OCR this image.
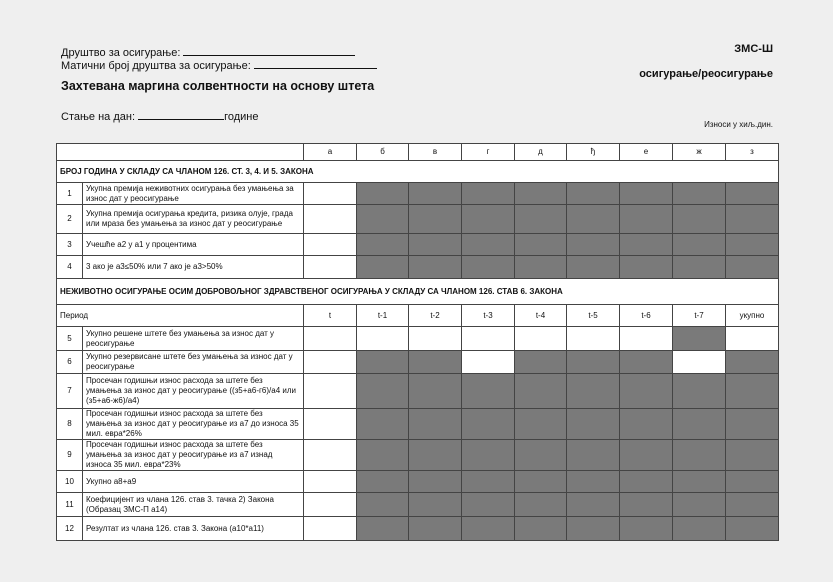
Друштво за осигурање:
Матични број друштва за осигурање:
ЗМС-Ш
осигурање/реосигурање
Захтевана маргина солвентности на основу штета
Стање на дан:	године
Износи у хиљ.дин.
		а	б	в	г	д	ђ	е	ж	з
БРОЈ ГОДИНА У СКЛАДУ СА ЧЛАНОМ 126. СТ. 3, 4. И 5. ЗАКОНА										
1	Укупна премија неживотних осигурања без умањења за износ дат у реосигурање									
2	Укупна премија осигурања кредита, ризика олује, града или мраза без умањења за износ дат у реосигурање									
3	Учешће а2 у а1 у процентима									
4	3 ако је а3≤50% или 7 ако је а3>50%									
НЕЖИВОТНО ОСИГУРАЊЕ ОСИМ ДОБРОВОЉНОГ ЗДРАВСТВЕНОГ ОСИГУРАЊА У СКЛАДУ СА ЧЛАНОМ 126. СТАВ 6. ЗАКОНА										
Период		t	t-1	t-2	t-3	t-4	t-5	t-6	t-7	укупно
5	Укупно решене штете без умањења за износ дат у реосигурање									
6	Укупно резервисане штете без умањења за износ дат у реосигурање									
7	Просечан годишњи износ расхода за штете без умањења за износ дат у реосигурање ((з5+а6-г6)/а4 или (з5+а6-ж6)/а4)									
8	Просечан годишњи износ расхода за штете без умањења за износ дат у реосигурање из а7 до износа 35 мил. евра*26%									
9	Просечан годишњи износ расхода за штете без умањења за износ дат у реосигурање из а7 изнад износа 35 мил. евра*23%									
10	Укупно а8+а9									
11	Коефицијент из члана 126. став 3. тачка 2) Закона (Образац ЗМС-П а14)									
12	Резултат из члана 126. став 3. Закона (а10*а11)									
